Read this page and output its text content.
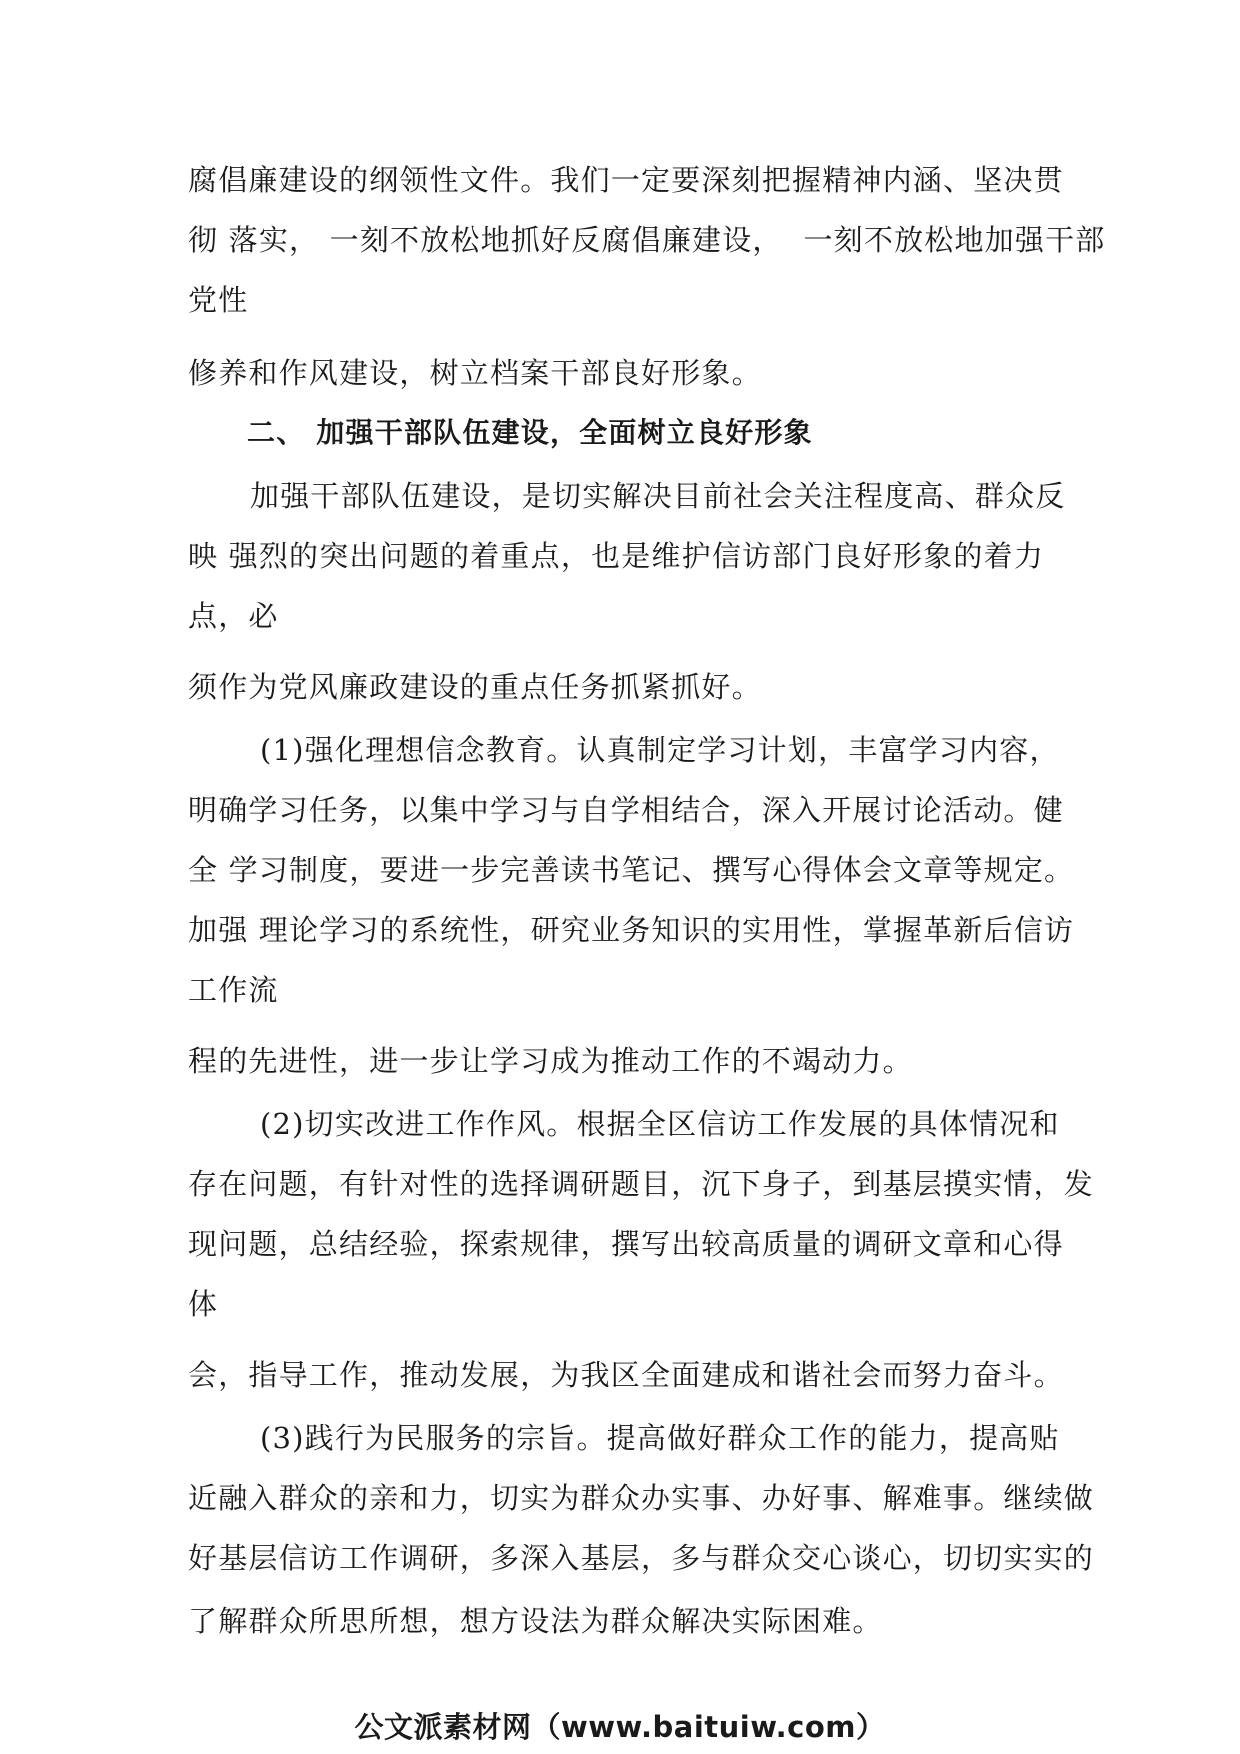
腐倡廉建设的纲领性文件。我们一定要深刻把握精神内涵、坚决贯
彻 落实， 一刻不放松地抓好反腐倡廉建设，  一刻不放松地加强干部
党性
修养和作风建设，树立档案干部良好形象。
二、 加强干部队伍建设，全面树立良好形象
加强干部队伍建设，是切实解决目前社会关注程度高、群众反
映 强烈的突出问题的着重点，也是维护信访部门良好形象的着力
点，必
须作为党风廉政建设的重点任务抓紧抓好。
(1)强化理想信念教育。认真制定学习计划，丰富学习内容，
明确学习任务，以集中学习与自学相结合，深入开展讨论活动。健
全 学习制度，要进一步完善读书笔记、撰写心得体会文章等规定。
加强 理论学习的系统性，研究业务知识的实用性，掌握革新后信访
工作流
程的先进性，进一步让学习成为推动工作的不竭动力。
(2)切实改进工作作风。根据全区信访工作发展的具体情况和
存在问题，有针对性的选择调研题目，沉下身子，到基层摸实情，发
现问题，总结经验，探索规律，撰写出较高质量的调研文章和心得
体
会，指导工作，推动发展，为我区全面建成和谐社会而努力奋斗。
(3)践行为民服务的宗旨。提高做好群众工作的能力，提高贴
近融入群众的亲和力，切实为群众办实事、办好事、解难事。继续做
好基层信访工作调研，多深入基层，多与群众交心谈心，切切实实的
了解群众所思所想，想方设法为群众解决实际困难。
公文派素材网（www.baituiw.com）
